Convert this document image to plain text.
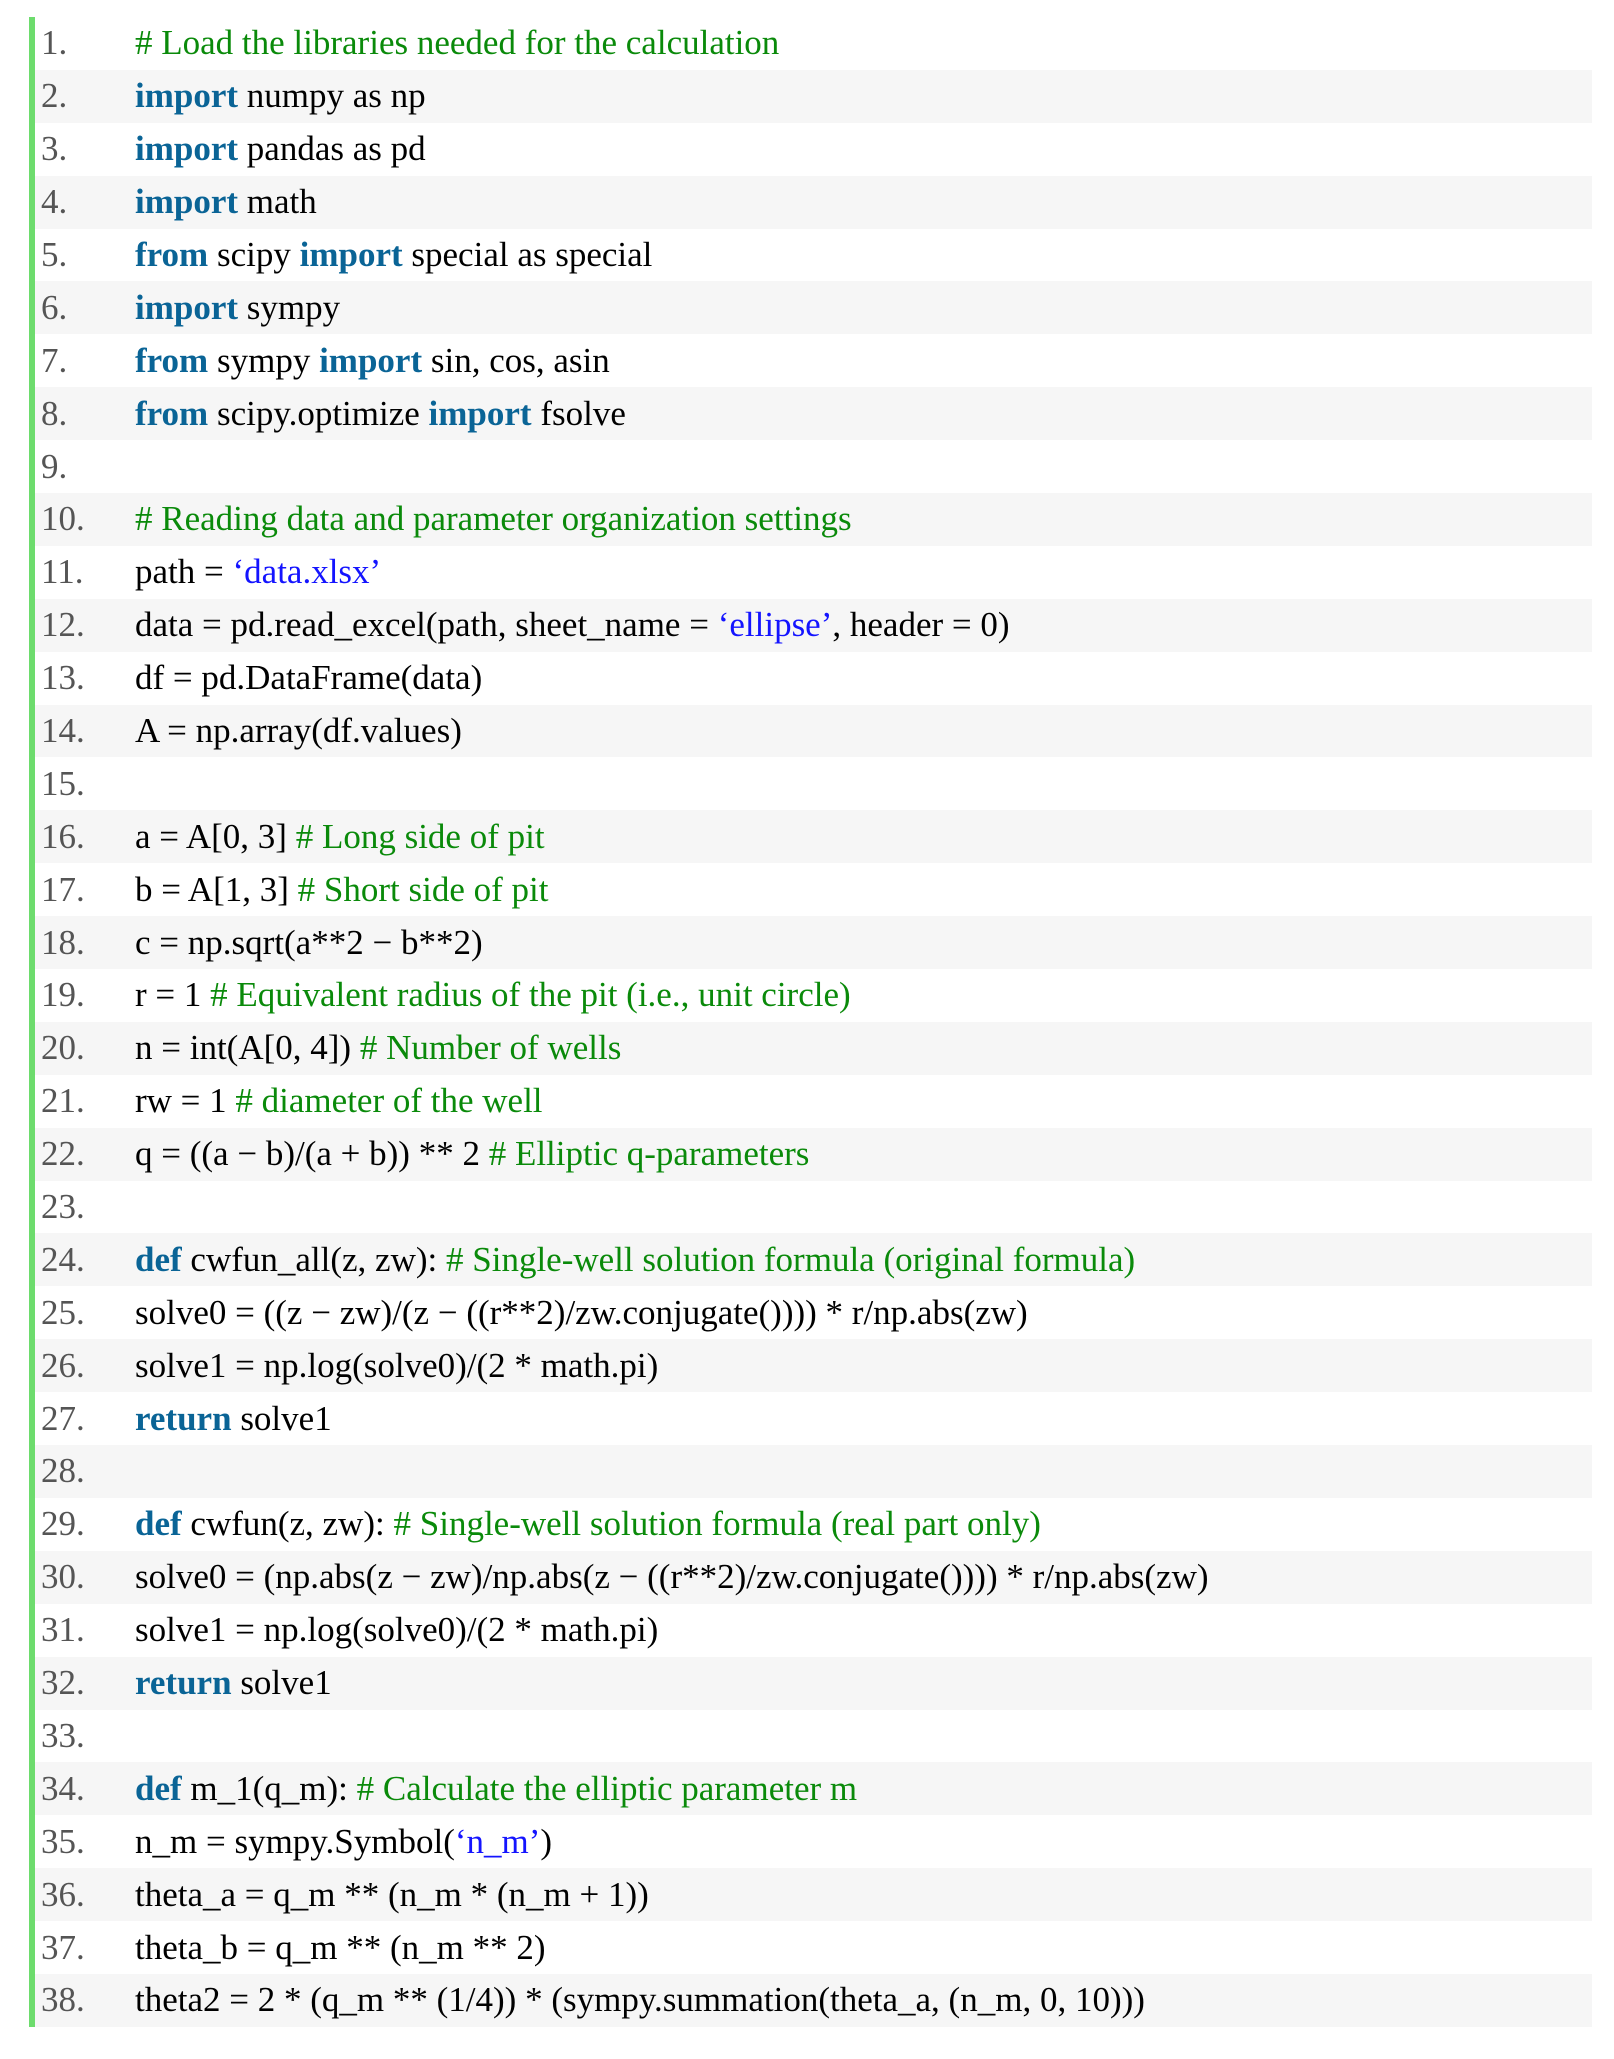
1.	# Load the libraries needed for the calculation
2.	import numpy as np
3.	import pandas as pd
4.	import math
5.	from scipy import special as special
6.	import sympy
7.	from sympy import sin, cos, asin
8.	from scipy.optimize import fsolve
9.
10.	# Reading data and parameter organization settings
11.	path = ‘data.xlsx’
12.	data = pd.read_excel(path, sheet_name = ‘ellipse’ , header = 0)
13.	df = pd.DataFrame(data)
14.	A = np.array(df.values)
15.
16.	a = A[0, 3] # Long side of pit
17.	b = A[1, 3] # Short side of pit
18.	c = np.sqrt(a**2 − b**2)
19.	r = 1 # Equivalent radius of the pit (i.e., unit circle)
20.	n = int(A[0, 4]) # Number of wells
21.	rw = 1 # diameter of the well
22.	q = ((a − b)/(a + b)) ** 2 # Elliptic q-parameters
23.
24.	def cwfun_all(z, zw): # Single-well solution formula (original formula)
25.	solve0 = ((z − zw)/(z − ((r**2)/zw.conjugate()))) * r/np.abs(zw)
26.	solve1 = np.log(solve0)/(2 * math.pi)
27.	return solve1
28.
29.	def cwfun(z, zw): # Single-well solution formula (real part only)
30.	solve0 = (np.abs(z − zw)/np.abs(z − ((r**2)/zw.conjugate()))) * r/np.abs(zw)
31.	solve1 = np.log(solve0)/(2 * math.pi)
32.	return solve1
33.
34.	def m_1(q_m): # Calculate the elliptic parameter m
35.	n_m = sympy.Symbol( ‘n_m’ )
36.	theta_a = q_m ** (n_m * (n_m + 1))
37.	theta_b = q_m ** (n_m ** 2)
38.	theta2 = 2 * (q_m ** (1/4)) * (sympy.summation(theta_a, (n_m, 0, 10)))
